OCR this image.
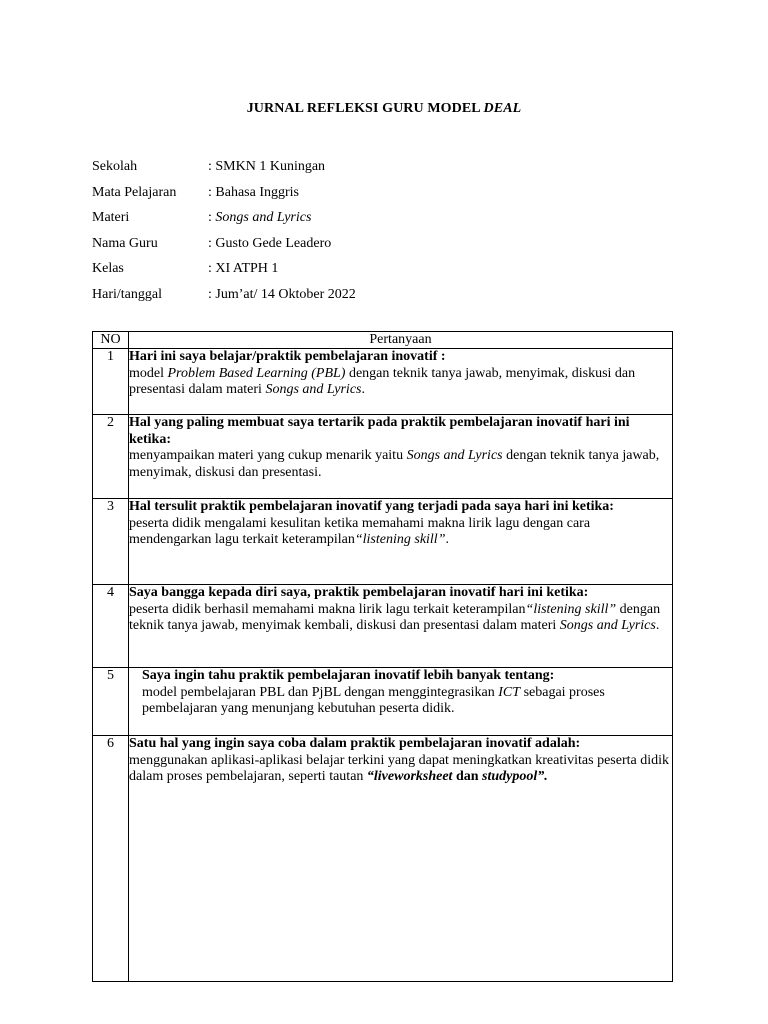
JURNAL REFLEKSI GURU MODEL DEAL
Sekolah	: SMKN 1 Kuningan
Mata Pelajaran : Bahasa Inggris
Materi	: Songs and Lyrics
Nama Guru	: Gusto Gede Leadero
Kelas	: XI ATPH 1
Hari/tanggal	: Jum’at/ 14 Oktober 2022
NO	Pertanyaan
1	Hari ini saya belajar/praktik pembelajaran inovatif :
model Problem Based Learning (PBL) dengan teknik tanya jawab, menyimak, diskusi dan presentasi dalam materi Songs and Lyrics.

2	Hal yang paling membuat saya tertarik pada praktik pembelajaran inovatif hari ini ketika:
menyampaikan materi yang cukup menarik yaitu Songs and Lyrics dengan teknik tanya jawab, menyimak, diskusi dan presentasi.

3	Hal tersulit praktik pembelajaran inovatif yang terjadi pada saya hari ini ketika:
peserta didik mengalami kesulitan ketika memahami makna lirik lagu dengan cara mendengarkan lagu terkait keterampilan“listening skill”.

4	Saya bangga kepada diri saya, praktik pembelajaran inovatif hari ini ketika:
peserta didik berhasil memahami makna lirik lagu terkait keterampilan“listening skill” dengan teknik tanya jawab, menyimak kembali, diskusi dan presentasi dalam materi Songs and Lyrics.

5	Saya ingin tahu praktik pembelajaran inovatif lebih banyak tentang:
model pembelajaran PBL dan PjBL dengan menggintegrasikan ICT sebagai proses pembelajaran yang menunjang kebutuhan peserta didik.

6	Satu hal yang ingin saya coba dalam praktik pembelajaran inovatif adalah:
menggunakan aplikasi-aplikasi belajar terkini yang dapat meningkatkan kreativitas peserta didik dalam proses pembelajaran, seperti tautan “liveworksheet dan studypool”.
